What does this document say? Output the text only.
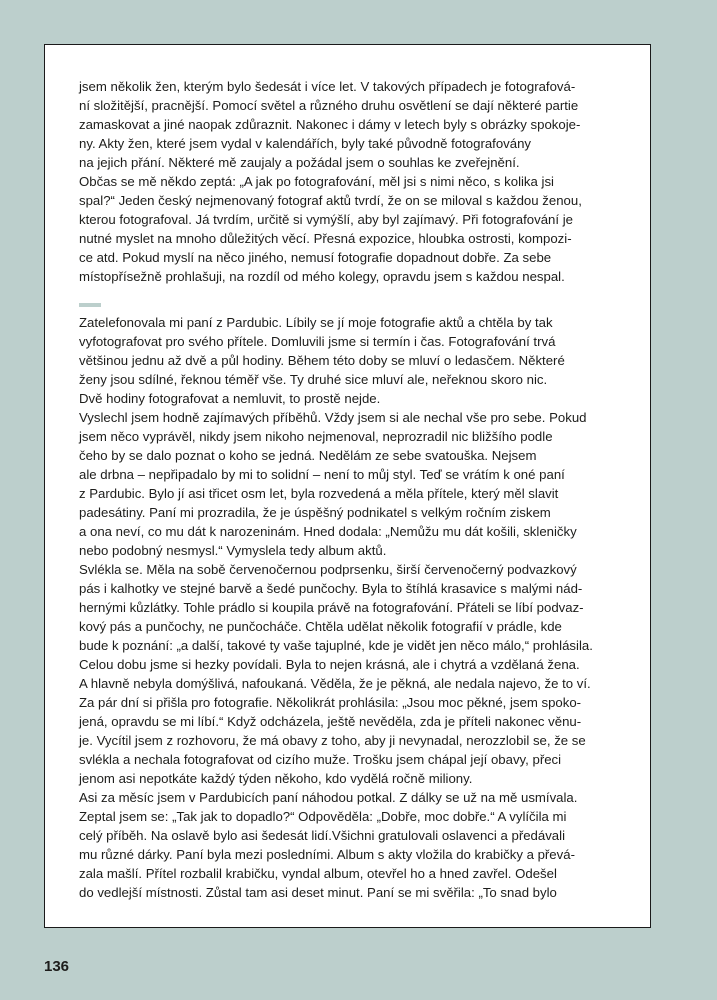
jsem několik žen, kterým bylo šedesát i více let. V takových případech je fotografová-

ní složitější, pracnější. Pomocí světel a různého druhu osvětlení se dají některé partie

zamaskovat a jiné naopak zdůraznit. Nakonec i dámy v letech byly s obrázky spokoje-

ny. Akty žen, které jsem vydal v kalendářích, byly také původně fotografovány

na jejich přání. Některé mě zaujaly a požádal jsem o souhlas ke zveřejnění.

Občas se mě někdo zeptá: „A jak po fotografování, měl jsi s nimi něco, s kolika jsi

spal?“ Jeden český nejmenovaný fotograf aktů tvrdí, že on se miloval s každou ženou,

kterou fotografoval. Já tvrdím, určitě si vymýšlí, aby byl zajímavý. Při fotografování je

nutné myslet na mnoho důležitých věcí. Přesná expozice, hloubka ostrosti, kompozi-

ce atd. Pokud myslí na něco jiného, nemusí fotografie dopadnout dobře. Za sebe

místopřísežně prohlašuji, na rozdíl od mého kolegy, opravdu jsem s každou nespal.

Zatelefonovala mi paní z Pardubic. Líbily se jí moje fotografie aktů a chtěla by tak

vyfotografovat pro svého přítele. Domluvili jsme si termín i čas. Fotografování trvá

většinou jednu až dvě a půl hodiny. Během této doby se mluví o ledasčem. Některé

ženy jsou sdílné, řeknou téměř vše. Ty druhé sice mluví ale, neřeknou skoro nic.

Dvě hodiny fotografovat a nemluvit, to prostě nejde.

Vyslechl jsem hodně zajímavých příběhů. Vždy jsem si ale nechal vše pro sebe. Pokud

jsem něco vyprávěl, nikdy jsem nikoho nejmenoval, neprozradil nic bližšího podle

čeho by se dalo poznat o koho se jedná. Nedělám ze sebe svatouška. Nejsem

ale drbna – nepřipadalo by mi to solidní – není to můj styl. Teď se vrátím k oné paní

z Pardubic. Bylo jí asi třicet osm let, byla rozvedená a měla přítele, který měl slavit

padesátiny. Paní mi prozradila, že je úspěšný podnikatel s velkým ročním ziskem

a ona neví, co mu dát k narozeninám. Hned dodala: „Nemůžu mu dát košili, skleničky

nebo podobný nesmysl.“ Vymyslela tedy album aktů.

Svlékla se. Měla na sobě červenočernou podprsenku, širší červenočerný podvazkový

pás i kalhotky ve stejné barvě a šedé punčochy. Byla to štíhlá krasavice s malými nád-

hernými kůzlátky. Tohle prádlo si koupila právě na fotografování. Přáteli se líbí podvaz-

kový pás a punčochy, ne punčocháče. Chtěla udělat několik fotografií v prádle, kde

bude k poznání: „a další, takové ty vaše tajuplné, kde je vidět jen něco málo,“ prohlásila.

Celou dobu jsme si hezky povídali. Byla to nejen krásná, ale i chytrá a vzdělaná žena.

A hlavně nebyla domýšlivá, nafoukaná. Věděla, že je pěkná, ale nedala najevo, že to ví.

Za pár dní si přišla pro fotografie. Několikrát prohlásila: „Jsou moc pěkné, jsem spoko-

jená, opravdu se mi líbí.“ Když odcházela, ještě nevěděla, zda je příteli nakonec věnu-

je. Vycítil jsem z rozhovoru, že má obavy z toho, aby ji nevynadal, nerozzlobil se, že se

svlékla a nechala fotografovat od cizího muže. Trošku jsem chápal její obavy, přeci

jenom asi nepotkáte každý týden někoho, kdo vydělá ročně miliony.

Asi za měsíc jsem v Pardubicích paní náhodou potkal. Z dálky se už na mě usmívala.

Zeptal jsem se: „Tak jak to dopadlo?“ Odpověděla: „Dobře, moc dobře.“ A vylíčila mi

celý příběh. Na oslavě bylo asi šedesát lidí.Všichni gratulovali oslavenci a předávali

mu různé dárky. Paní byla mezi posledními. Album s akty vložila do krabičky a převá-

zala mašlí. Přítel rozbalil krabičku, vyndal album, otevřel ho a hned zavřel. Odešel

do vedlejší místnosti. Zůstal tam asi deset minut. Paní se mi svěřila: „To snad bylo

136
